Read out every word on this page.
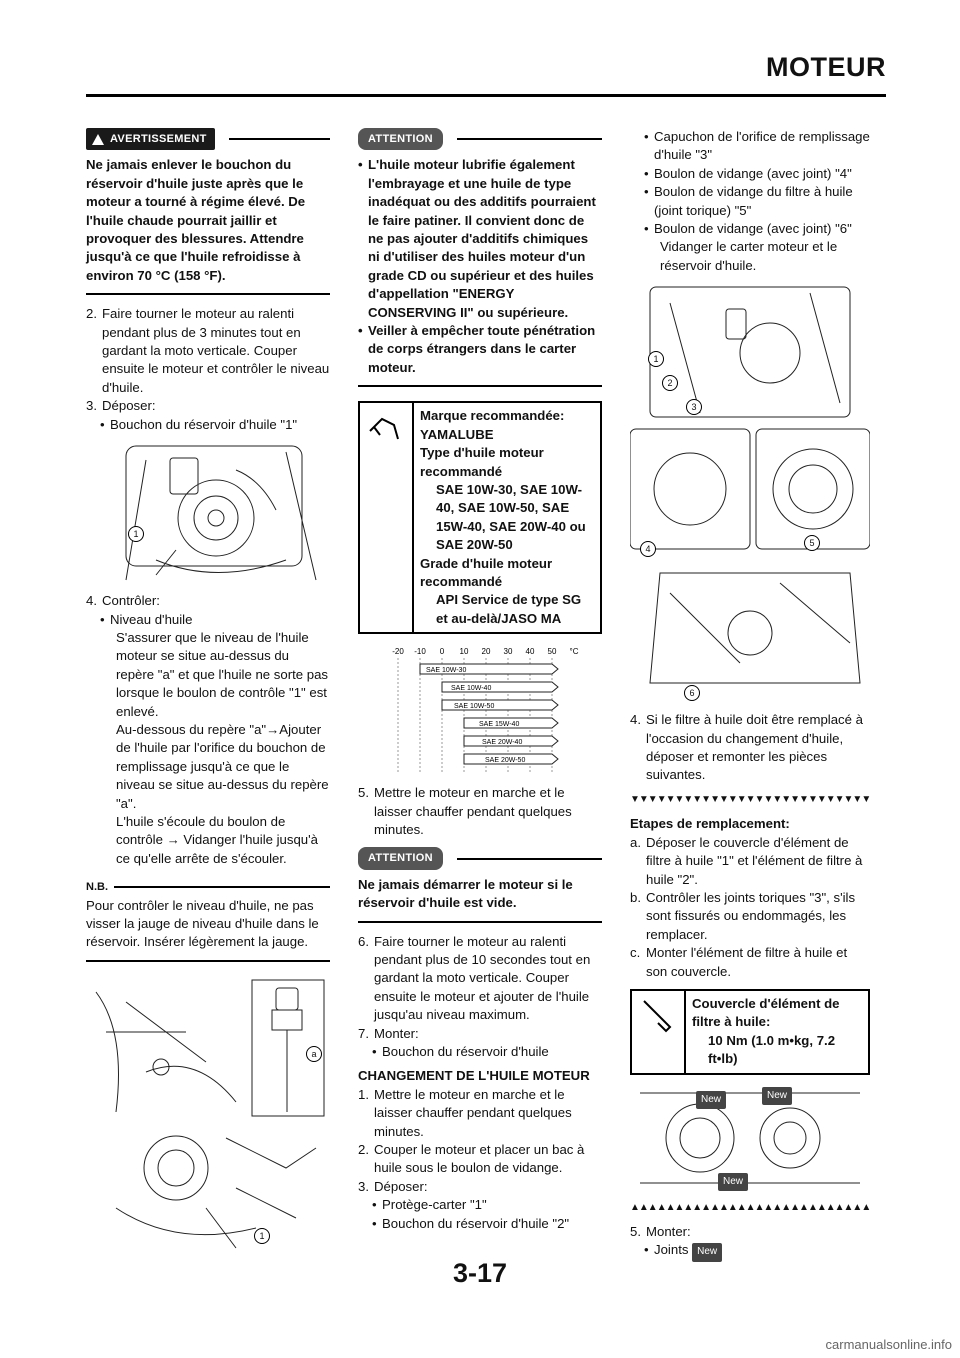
MOTEUR
AVERTISSEMENT

Ne jamais enlever le bouchon du réservoir d'huile juste après que le moteur a tourné à régime élevé. De l'huile chaude pourrait jaillir et provoquer des blessures. Attendre jusqu'à ce que l'huile refroidisse à environ 70 °C (158 °F).

2. Faire tourner le moteur au ralenti pendant plus de 3 minutes tout en gardant la moto verticale. Couper ensuite le moteur et contrôler le niveau d'huile.
3. Déposer:
• Bouchon du réservoir d'huile "1"
1
4. Contrôler:
• Niveau d'huile

S'assurer que le niveau de l'huile moteur se situe au-dessus du repère "a" et que l'huile ne sorte pas lorsque le boulon de contrôle "1" est enlevé.

Au-dessous du repère "a"→Ajouter de l'huile par l'orifice du bouchon de remplissage jusqu'à ce que le niveau se situe au-dessus du repère "a".

L'huile s'écoule du boulon de contrôle → Vidanger l'huile jusqu'à ce qu'elle arrête de s'écouler.

N.B.

Pour contrôler le niveau d'huile, ne pas visser la jauge de niveau d'huile dans le réservoir. Insérer légèrement la jauge.

a
1
ATTENTION
• L'huile moteur lubrifie également l'embrayage et une huile de type inadéquat ou des additifs pourraient le faire patiner. Il convient donc de ne pas ajouter d'additifs chimiques ni d'utiliser des huiles moteur d'un grade CD ou supérieur et des huiles d'appellation "ENERGY CONSERVING II" ou supérieure.
• Veiller à empêcher toute pénétration de corps étrangers dans le carter moteur.

Marque recommandée:

YAMALUBE

Type d'huile moteur recommandé

SAE 10W-30, SAE 10W-40, SAE 10W-50, SAE 15W-40, SAE 20W-40 ou SAE 20W-50

Grade d'huile moteur recommandé

API Service de type SG et au-delà/JASO MA

-20 -10 0 10 20 30 40 50 °C
SAE 10W-30
SAE 10W-40
SAE 10W-50
SAE 15W-40
SAE 20W-40
SAE 20W-50
5. Mettre le moteur en marche et le laisser chauffer pendant quelques minutes.
ATTENTION

Ne jamais démarrer le moteur si le réservoir d'huile est vide.

6. Faire tourner le moteur au ralenti pendant plus de 10 secondes tout en gardant la moto verticale. Couper ensuite le moteur et ajouter de l'huile jusqu'au niveau maximum.
7. Monter:
• Bouchon du réservoir d'huile

CHANGEMENT DE L'HUILE MOTEUR

1. Mettre le moteur en marche et le laisser chauffer pendant quelques minutes.
2. Couper le moteur et placer un bac à huile sous le boulon de vidange.
3. Déposer:
• Protège-carter "1"
• Bouchon du réservoir d'huile "2"
• Capuchon de l'orifice de remplissage d'huile "3"
• Boulon de vidange (avec joint) "4"
• Boulon de vidange du filtre à huile (joint torique) "5"
• Boulon de vidange (avec joint) "6"

Vidanger le carter moteur et le réservoir d'huile.

1
2
3
4
5
6
4. Si le filtre à huile doit être remplacé à l'occasion du changement d'huile, déposer et remonter les pièces suivantes.
▼▼▼▼▼▼▼▼▼▼▼▼▼▼▼▼▼▼▼▼▼▼▼▼▼▼▼

Etapes de remplacement:

a. Déposer le couvercle d'élément de filtre à huile "1" et l'élément de filtre à huile "2".
b. Contrôler les joints toriques "3", s'ils sont fissurés ou endommagés, les remplacer.
c. Monter l'élément de filtre à huile et son couvercle.

Couvercle d'élément de filtre à huile:

10 Nm (1.0 m•kg, 7.2 ft•lb)

New	New
New
▲▲▲▲▲▲▲▲▲▲▲▲▲▲▲▲▲▲▲▲▲▲▲▲▲▲▲
5. Monter:
• Joints New
3-17
carmanualsonline.info
